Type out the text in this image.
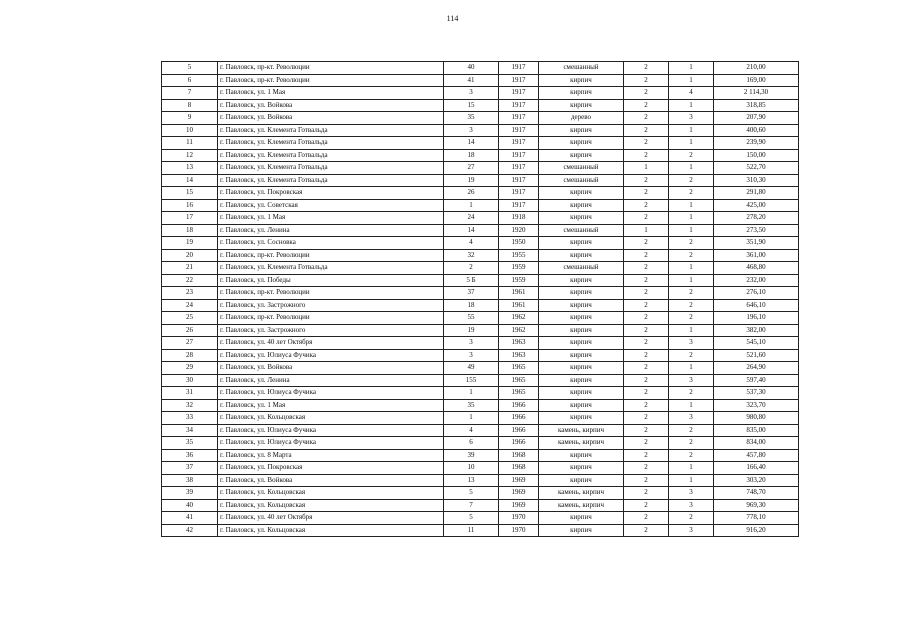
114
5	г. Павловск, пр-кт. Революции	40	1917	смешанный	2	1	210,00
6	г. Павловск, пр-кт. Революции	41	1917	кирпич	2	1	169,00
7	г. Павловск, ул. 1 Мая	3	1917	кирпич	2	4	2 114,30
8	г. Павловск, ул. Войкова	15	1917	кирпич	2	1	318,85
9	г. Павловск, ул. Войкова	35	1917	дерево	2	3	207,90
10	г. Павловск, ул. Клемента Готвальда	3	1917	кирпич	2	1	400,60
11	г. Павловск, ул. Клемента Готвальда	14	1917	кирпич	2	1	239,90
12	г. Павловск, ул. Клемента Готвальда	18	1917	кирпич	2	2	150,00
13	г. Павловск, ул. Клемента Готвальда	27	1917	смешанный	1	1	522,70
14	г. Павловск, ул. Клемента Готвальда	19	1917	смешанный	2	2	310,30
15	г. Павловск, ул. Покровская	26	1917	кирпич	2	2	291,80
16	г. Павловск, ул. Советская	1	1917	кирпич	2	1	425,00
17	г. Павловск, ул. 1 Мая	24	1918	кирпич	2	1	278,20
18	г. Павловск, ул. Ленина	14	1920	смешанный	1	1	273,50
19	г. Павловск, ул. Сосновка	4	1950	кирпич	2	2	351,90
20	г. Павловск, пр-кт. Революции	32	1955	кирпич	2	2	361,00
21	г. Павловск, ул. Клемента Готвальда	2	1959	смешанный	2	1	468,80
22	г. Павловск, ул. Победы	5 Б	1959	кирпич	2	1	232,00
23	г. Павловск, пр-кт. Революции	37	1961	кирпич	2	2	276,10
24	г. Павловск, ул. Застрожного	18	1961	кирпич	2	2	646,10
25	г. Павловск, пр-кт. Революции	55	1962	кирпич	2	2	196,10
26	г. Павловск, ул. Застрожного	19	1962	кирпич	2	1	382,00
27	г. Павловск, ул. 40 лет Октября	3	1963	кирпич	2	3	545,10
28	г. Павловск, ул. Юлиуса Фучика	3	1963	кирпич	2	2	521,60
29	г. Павловск, ул. Войкова	49	1965	кирпич	2	1	264,90
30	г. Павловск, ул. Ленина	155	1965	кирпич	2	3	597,40
31	г. Павловск, ул. Юлиуса Фучика	1	1965	кирпич	2	2	537,30
32	г. Павловск, ул. 1 Мая	35	1966	кирпич	2	1	323,70
33	г. Павловск, ул. Кольцовская	1	1966	кирпич	2	3	980,80
34	г. Павловск, ул. Юлиуса Фучика	4	1966	камень, кирпич	2	2	835,00
35	г. Павловск, ул. Юлиуса Фучика	6	1966	камень, кирпич	2	2	834,00
36	г. Павловск, ул. 8 Марта	39	1968	кирпич	2	2	457,80
37	г. Павловск, ул. Покровская	10	1968	кирпич	2	1	166,40
38	г. Павловск, ул. Войкова	13	1969	кирпич	2	1	303,20
39	г. Павловск, ул. Кольцовская	5	1969	камень, кирпич	2	3	748,70
40	г. Павловск, ул. Кольцовская	7	1969	камень, кирпич	2	3	969,30
41	г. Павловск, ул. 40 лет Октября	5	1970	кирпич	2	2	778,10
42	г. Павловск, ул. Кольцовская	11	1970	кирпич	2	3	916,20
